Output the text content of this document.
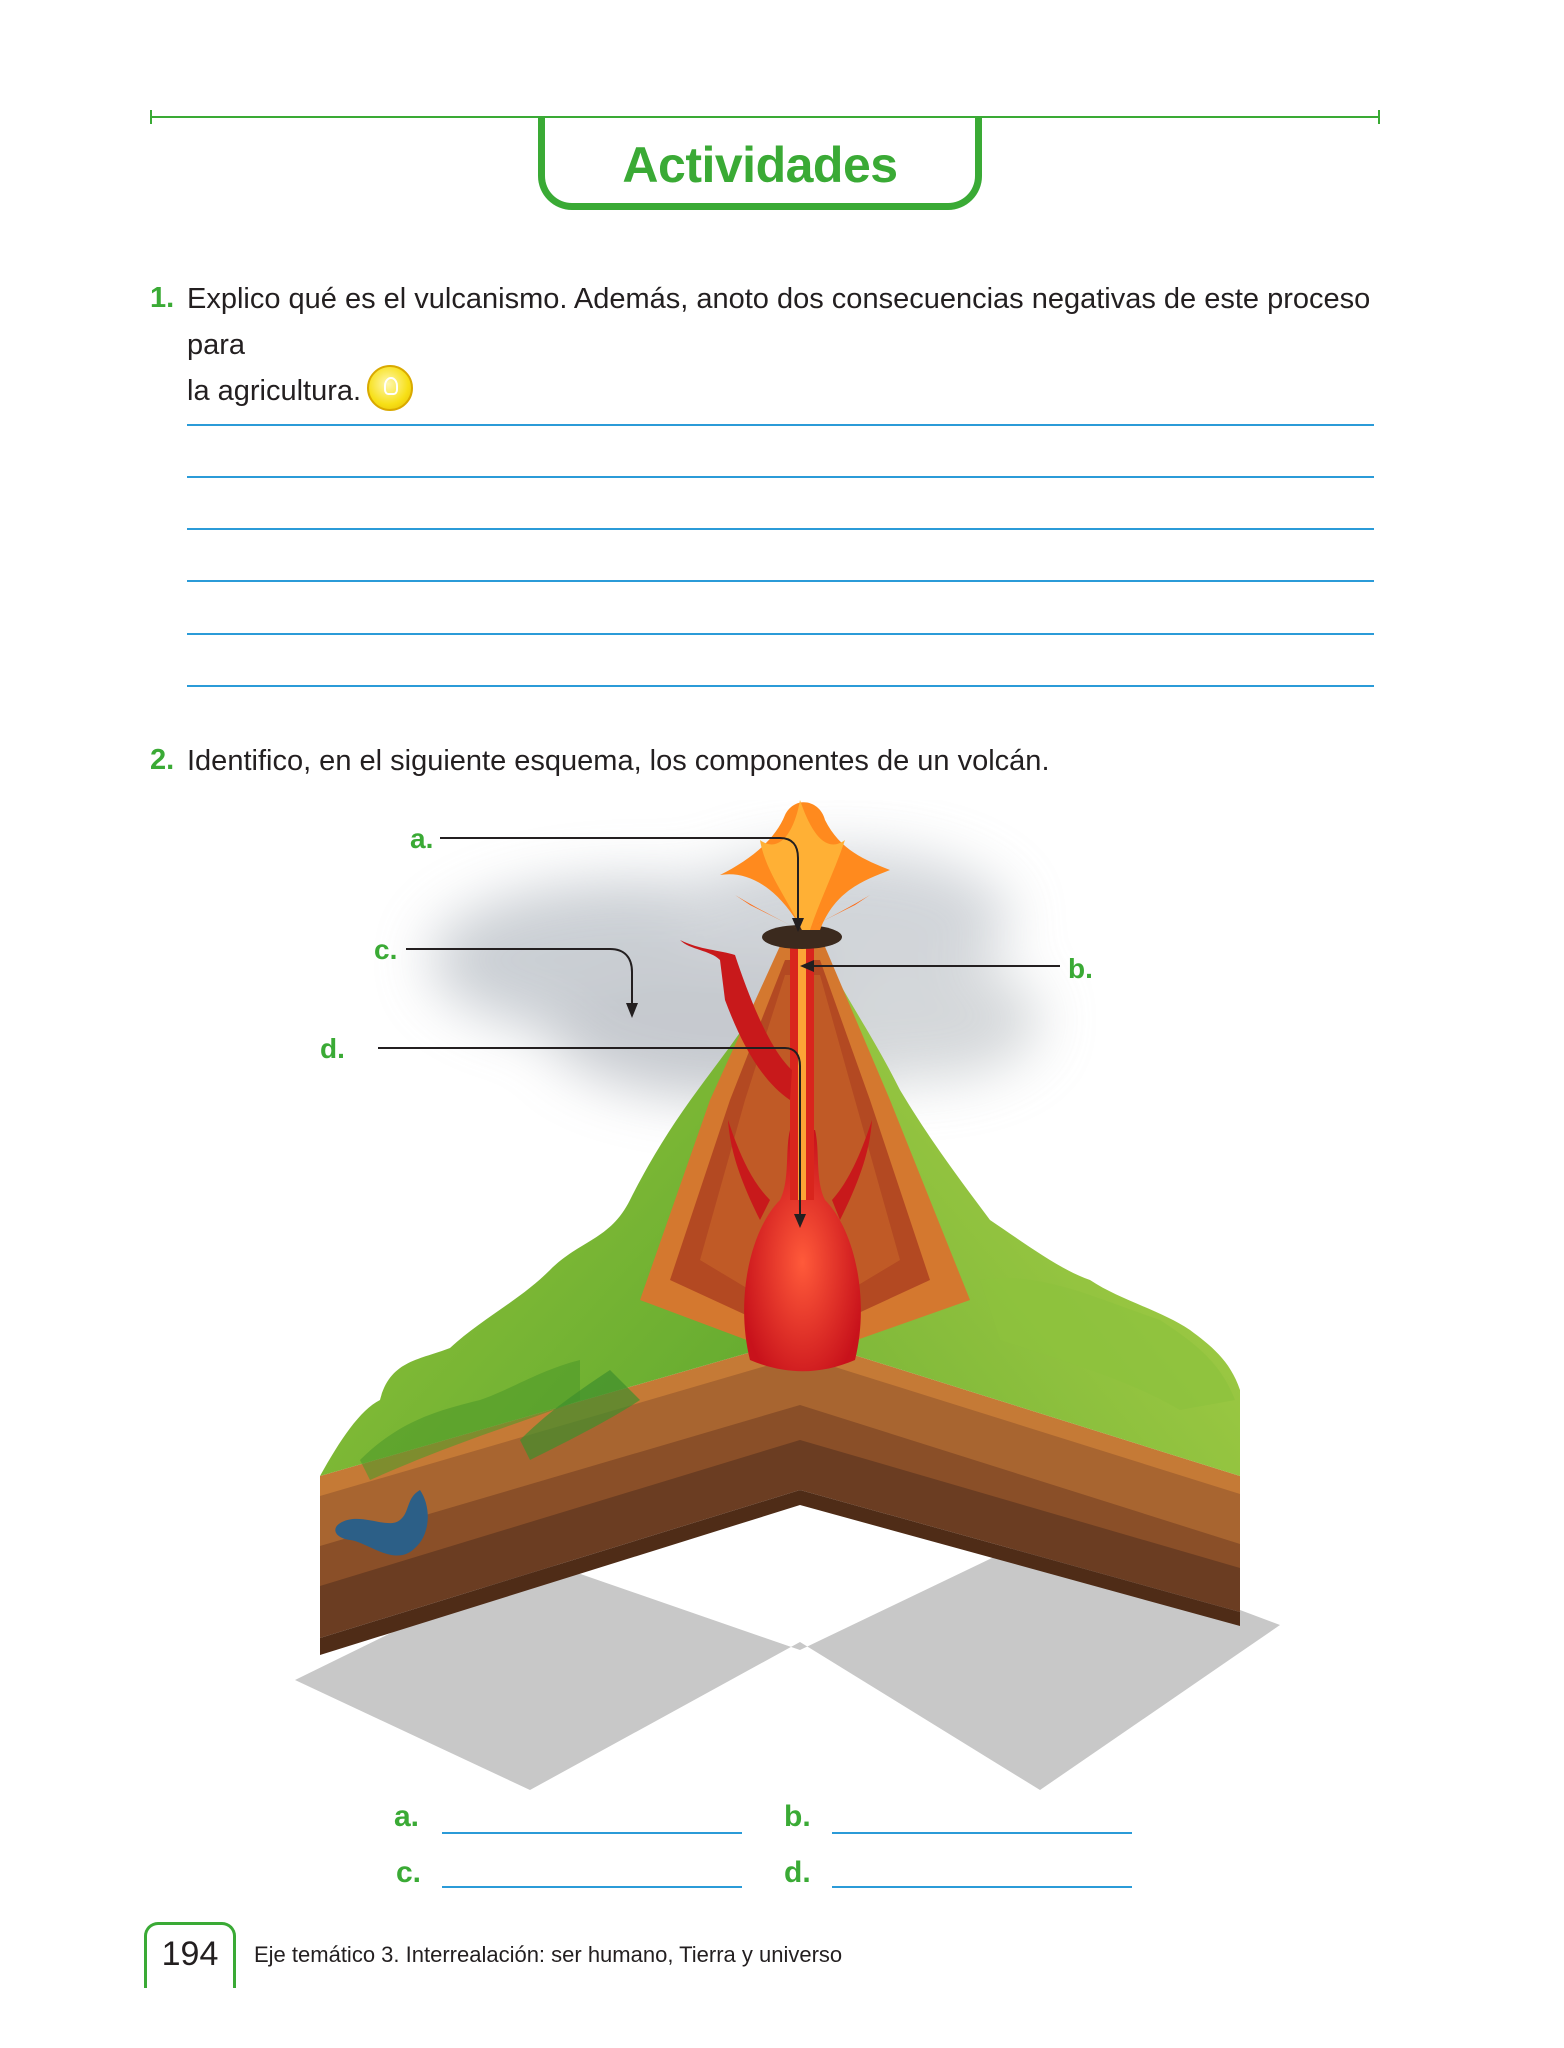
Actividades
1. Explico qué es el vulcanismo. Además, anoto dos consecuencias negativas de este proceso para
la agricultura.
2. Identifico, en el siguiente esquema, los componentes de un volcán.
a.
b.
c.
d.
a.	b.
c.	d.
194	Eje temático 3. Interrealación: ser humano, Tierra y universo
